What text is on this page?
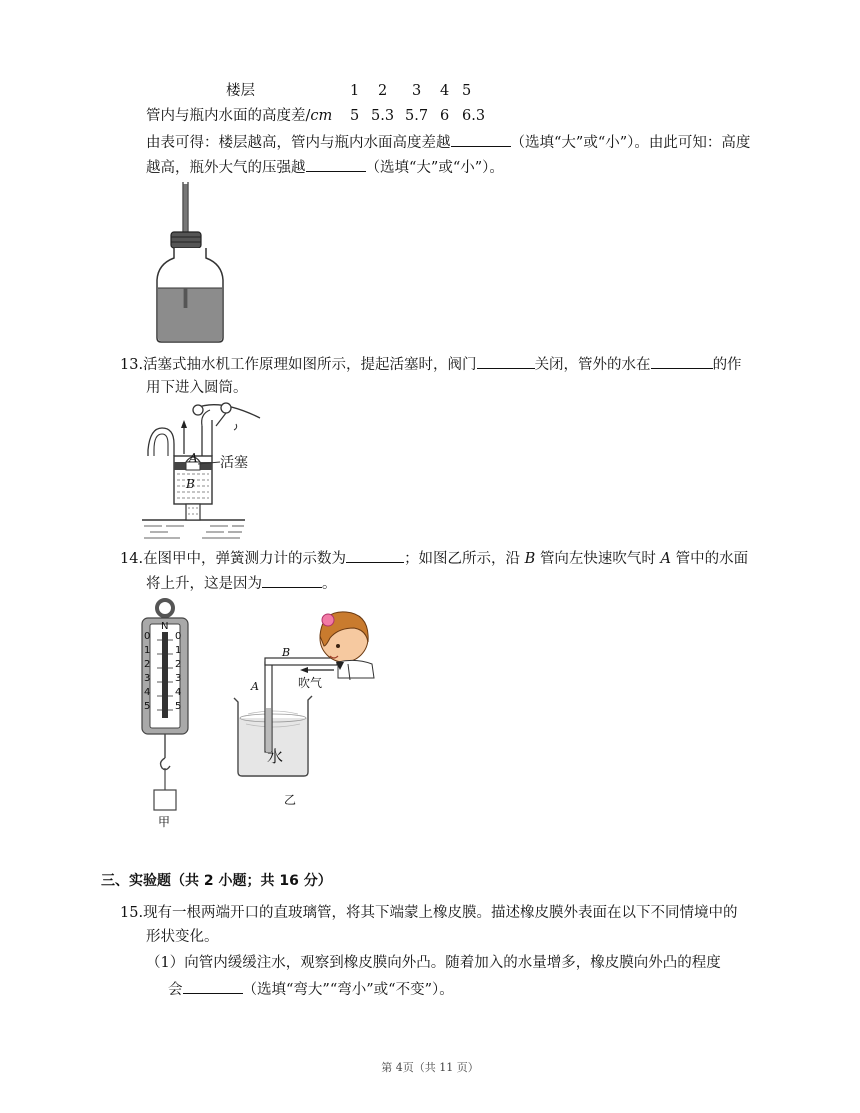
楼层	1 2 3 4 5
管内与瓶内水面的高度差/cm 5 5.3 5.7 6 6.3
由表可得：楼层越高，管内与瓶内水面高度差越	（选填“大”或“小”）。由此可知：高度
越高，瓶外大气的压强越	（选填“大”或“小”）。
13.活塞式抽水机工作原理如图所示，提起活塞时，阀门	关闭，管外的水在	的作
用下进入圆筒。
A
B
活塞
14.在图甲中，弹簧测力计的示数为	；如图乙所示，沿 B 管向左快速吹气时 A 管中的水面
将上升，这是因为	。
N
0
1
2
3
4
5
0
1
2
3
4
5
甲
B
A	吹气
水
乙
三、实验题（共 2 小题；共 16 分）
15.现有一根两端开口的直玻璃管，将其下端蒙上橡皮膜。描述橡皮膜外表面在以下不同情境中的
形状变化。
（1）向管内缓缓注水，观察到橡皮膜向外凸。随着加入的水量增多，橡皮膜向外凸的程度
会	（选填“弯大”“弯小”或“不变”）。
第 4页（共 11 页）
